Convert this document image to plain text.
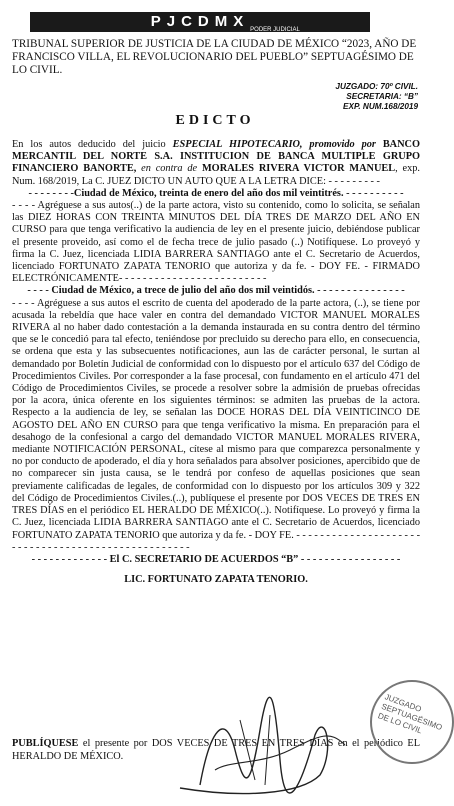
PJCDMX PODER JUDICIAL
TRIBUNAL SUPERIOR DE JUSTICIA DE LA CIUDAD DE MÉXICO “2023, AÑO DE FRANCISCO VILLA, EL REVOLUCIONARIO DEL PUEBLO” SEPTUAGÉSIMO DE LO CIVIL.
JUZGADO: 70º CIVIL.
SECRETARIA: “B”
EXP. NUM.168/2019
EDICTO

En los autos deducido del juicio ESPECIAL HIPOTECARIO, promovido por BANCO MERCANTIL DEL NORTE S.A. INSTITUCION DE BANCA MULTIPLE GRUPO FINANCIERO BANORTE, en contra de MORALES RIVERA VICTOR MANUEL, exp. Num. 168/2019, La C. JUEZ DICTO UN AUTO QUE A LA LETRA DICE: - - - - - - - - -

- - - - - - - -Ciudad de México, treinta de enero del año dos mil veintitrés. - - - - - - - - - -

- - - - Agréguese a sus autos(..) de la parte actora, visto su contenido, como lo solicita, se señalan las DIEZ HORAS CON TREINTA MINUTOS DEL DÍA TRES DE MARZO DEL AÑO EN CURSO para que tenga verificativo la audiencia de ley en el presente juicio, debiéndose publicar el presente proveido, así como el de fecha trece de julio pasado (..) Notifíquese. Lo proveyó y firma la C. Juez, licenciada LIDIA BARRERA SANTIAGO ante el C. Secretario de Acuerdos, licenciado FORTUNATO ZAPATA TENORIO que autoriza y da fe. - DOY FE. - FIRMADO ELECTRÓNICAMENTE- - - - - - - - - - - - - - - - - - - - - - - - -

- - - - Ciudad de México, a trece de julio del año dos mil veintidós. - - - - - - - - - - - - - - -

- - - - Agréguese a sus autos el escrito de cuenta del apoderado de la parte actora, (..), se tiene por acusada la rebeldía que hace valer en contra del demandado VICTOR MANUEL MORALES RIVERA al no haber dado contestación a la demanda instaurada en su contra dentro del término que se le concedió para tal efecto, teniéndose por precluido su derecho para ello, en consecuencia, se ordena que esta y las subsecuentes notificaciones, aun las de carácter personal, le surtan al demandado por Boletín Judicial de conformidad con lo dispuesto por el artículo 637 del Código de Procedimientos Civiles. Por corresponder a la fase procesal, con fundamento en el artículo 471 del Código de Procedimientos Civiles, se procede a resolver sobre la admisión de pruebas ofrecidas por la acora, única oferente en los siguientes términos: se admiten las pruebas de la actora. Respecto a la audiencia de ley, se señalan las DOCE HORAS DEL DÍA VEINTICINCO DE AGOSTO DEL AÑO EN CURSO para que tenga verificativo la misma. En preparación para el desahogo de la confesional a cargo del demandado VICTOR MANUEL MORALES RIVERA, mediante NOTIFICACIÓN PERSONAL, cítese al mismo para que comparezca personalmente y no por conducto de apoderado, el día y hora señalados para absolver posiciones, apercibido que de no comparecer sin justa causa, se le tendrá por confeso de aquellas posiciones que sean previamente calificadas de legales, de conformidad con lo dispuesto por los artículos 309 y 322 del Código de Procedimientos Civiles.(..), publíquese el presente por DOS VECES DE TRES EN TRES DÍAS en el periódico EL HERALDO DE MÉXICO(..). Notifíquese. Lo proveyó y firma la C. Juez, licenciada LIDIA BARRERA SANTIAGO ante el C. Secretario de Acuerdos, licenciado FORTUNATO ZAPATA TENORIO que autoriza y da fe. - DOY FE. - - - - - - - - - - - - - - - - - - - - - - - - - - - - - - - - - - - - - - - - - - - - - - - - - - -

- - - - - - - - - - - - - El C. SECRETARIO DE ACUERDOS “B” - - - - - - - - - - - - - - - - -

LIC. FORTUNATO ZAPATA TENORIO.

PUBLÍQUESE el presente por DOS VECES DE TRES EN TRES DÍAS en el periódico EL HERALDO DE MÉXICO.
JUZGADO SEPTUAGÉSIMO DE LO CIVIL
